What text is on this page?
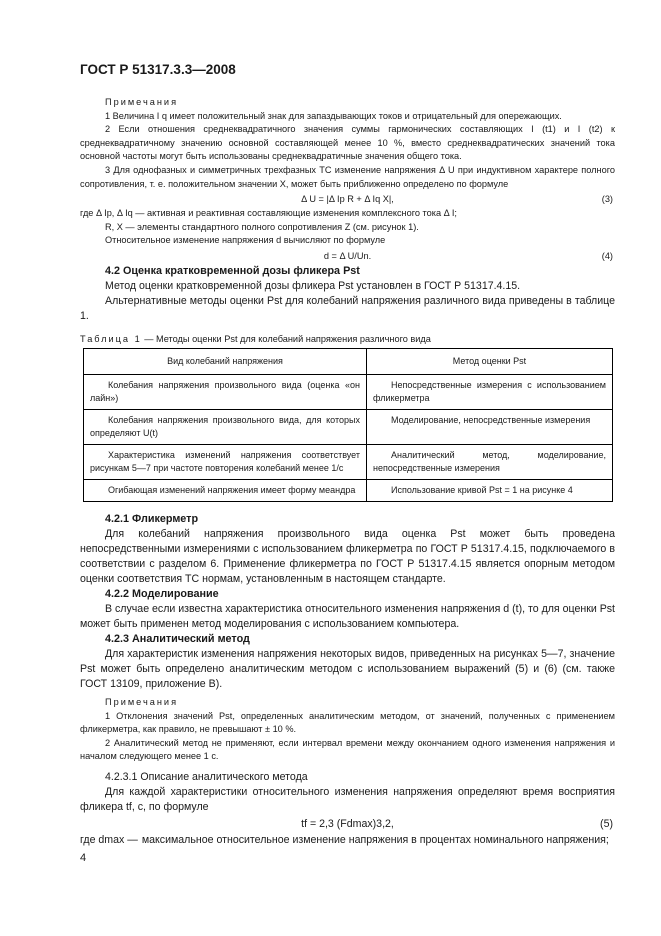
ГОСТ Р 51317.3.3—2008

Примечания

1 Величина I q имеет положительный знак для запаздывающих токов и отрицательный для опережающих.

2 Если отношения среднеквадратичного значения суммы гармонических составляющих I (t1) и I (t2) к среднеквадратичному значению основной составляющей менее 10 %, вместо среднеквадратических значений тока основной частоты могут быть использованы среднеквадратичные значения общего тока.

3 Для однофазных и симметричных трехфазных ТС изменение напряжения Δ U при индуктивном характере полного сопротивления, т. е. положительном значении X, может быть приближенно определено по формуле

Δ U = |Δ Ip R + Δ Iq X|,	(3)

где Δ Ip, Δ Iq — активная и реактивная составляющие изменения комплексного тока Δ I;

R, X — элементы стандартного полного сопротивления Z (см. рисунок 1).

Относительное изменение напряжения d вычисляют по формуле

d = Δ U/Un.	(4)

4.2 Оценка кратковременной дозы фликера Pst

Метод оценки кратковременной дозы фликера Pst установлен в ГОСТ Р 51317.4.15.

Альтернативные методы оценки Pst для колебаний напряжения различного вида приведены в таблице 1.

Таблица 1 — Методы оценки Pst для колебаний напряжения различного вида
Вид колебаний напряжения	Метод оценки Pst
Колебания напряжения произвольного вида (оценка «он лайн»)	Непосредственные измерения с использованием фликерметра
Колебания напряжения произвольного вида, для которых определяют U(t)	Моделирование, непосредственные измерения
Характеристика изменений напряжения соответствует рисункам 5—7 при частоте повторения колебаний менее 1/с	Аналитический метод, моделирование, непосредственные измерения
Огибающая изменений напряжения имеет форму меандра	Использование кривой Pst = 1 на рисунке 4

4.2.1 Фликерметр

Для колебаний напряжения произвольного вида оценка Pst может быть проведена непосредственными измерениями с использованием фликерметра по ГОСТ Р 51317.4.15, подключаемого в соответствии с разделом 6. Применение фликерметра по ГОСТ Р 51317.4.15 является опорным методом оценки соответствия ТС нормам, установленным в настоящем стандарте.

4.2.2 Моделирование

В случае если известна характеристика относительного изменения напряжения d (t), то для оценки Pst может быть применен метод моделирования с использованием компьютера.

4.2.3 Аналитический метод

Для характеристик изменения напряжения некоторых видов, приведенных на рисунках 5—7, значение Pst может быть определено аналитическим методом с использованием выражений (5) и (6) (см. также ГОСТ 13109, приложение В).

Примечания

1 Отклонения значений Pst, определенных аналитическим методом, от значений, полученных с применением фликерметра, как правило, не превышают ± 10 %.

2 Аналитический метод не применяют, если интервал времени между окончанием одного изменения напряжения и началом следующего менее 1 с.

4.2.3.1 Описание аналитического метода

Для каждой характеристики относительного изменения напряжения определяют время восприятия фликера tf, с, по формуле

tf = 2,3 (Fdmax)3,2,	(5)
где dmax — максимальное относительное изменение напряжения в процентах номинального напряжения;
4
